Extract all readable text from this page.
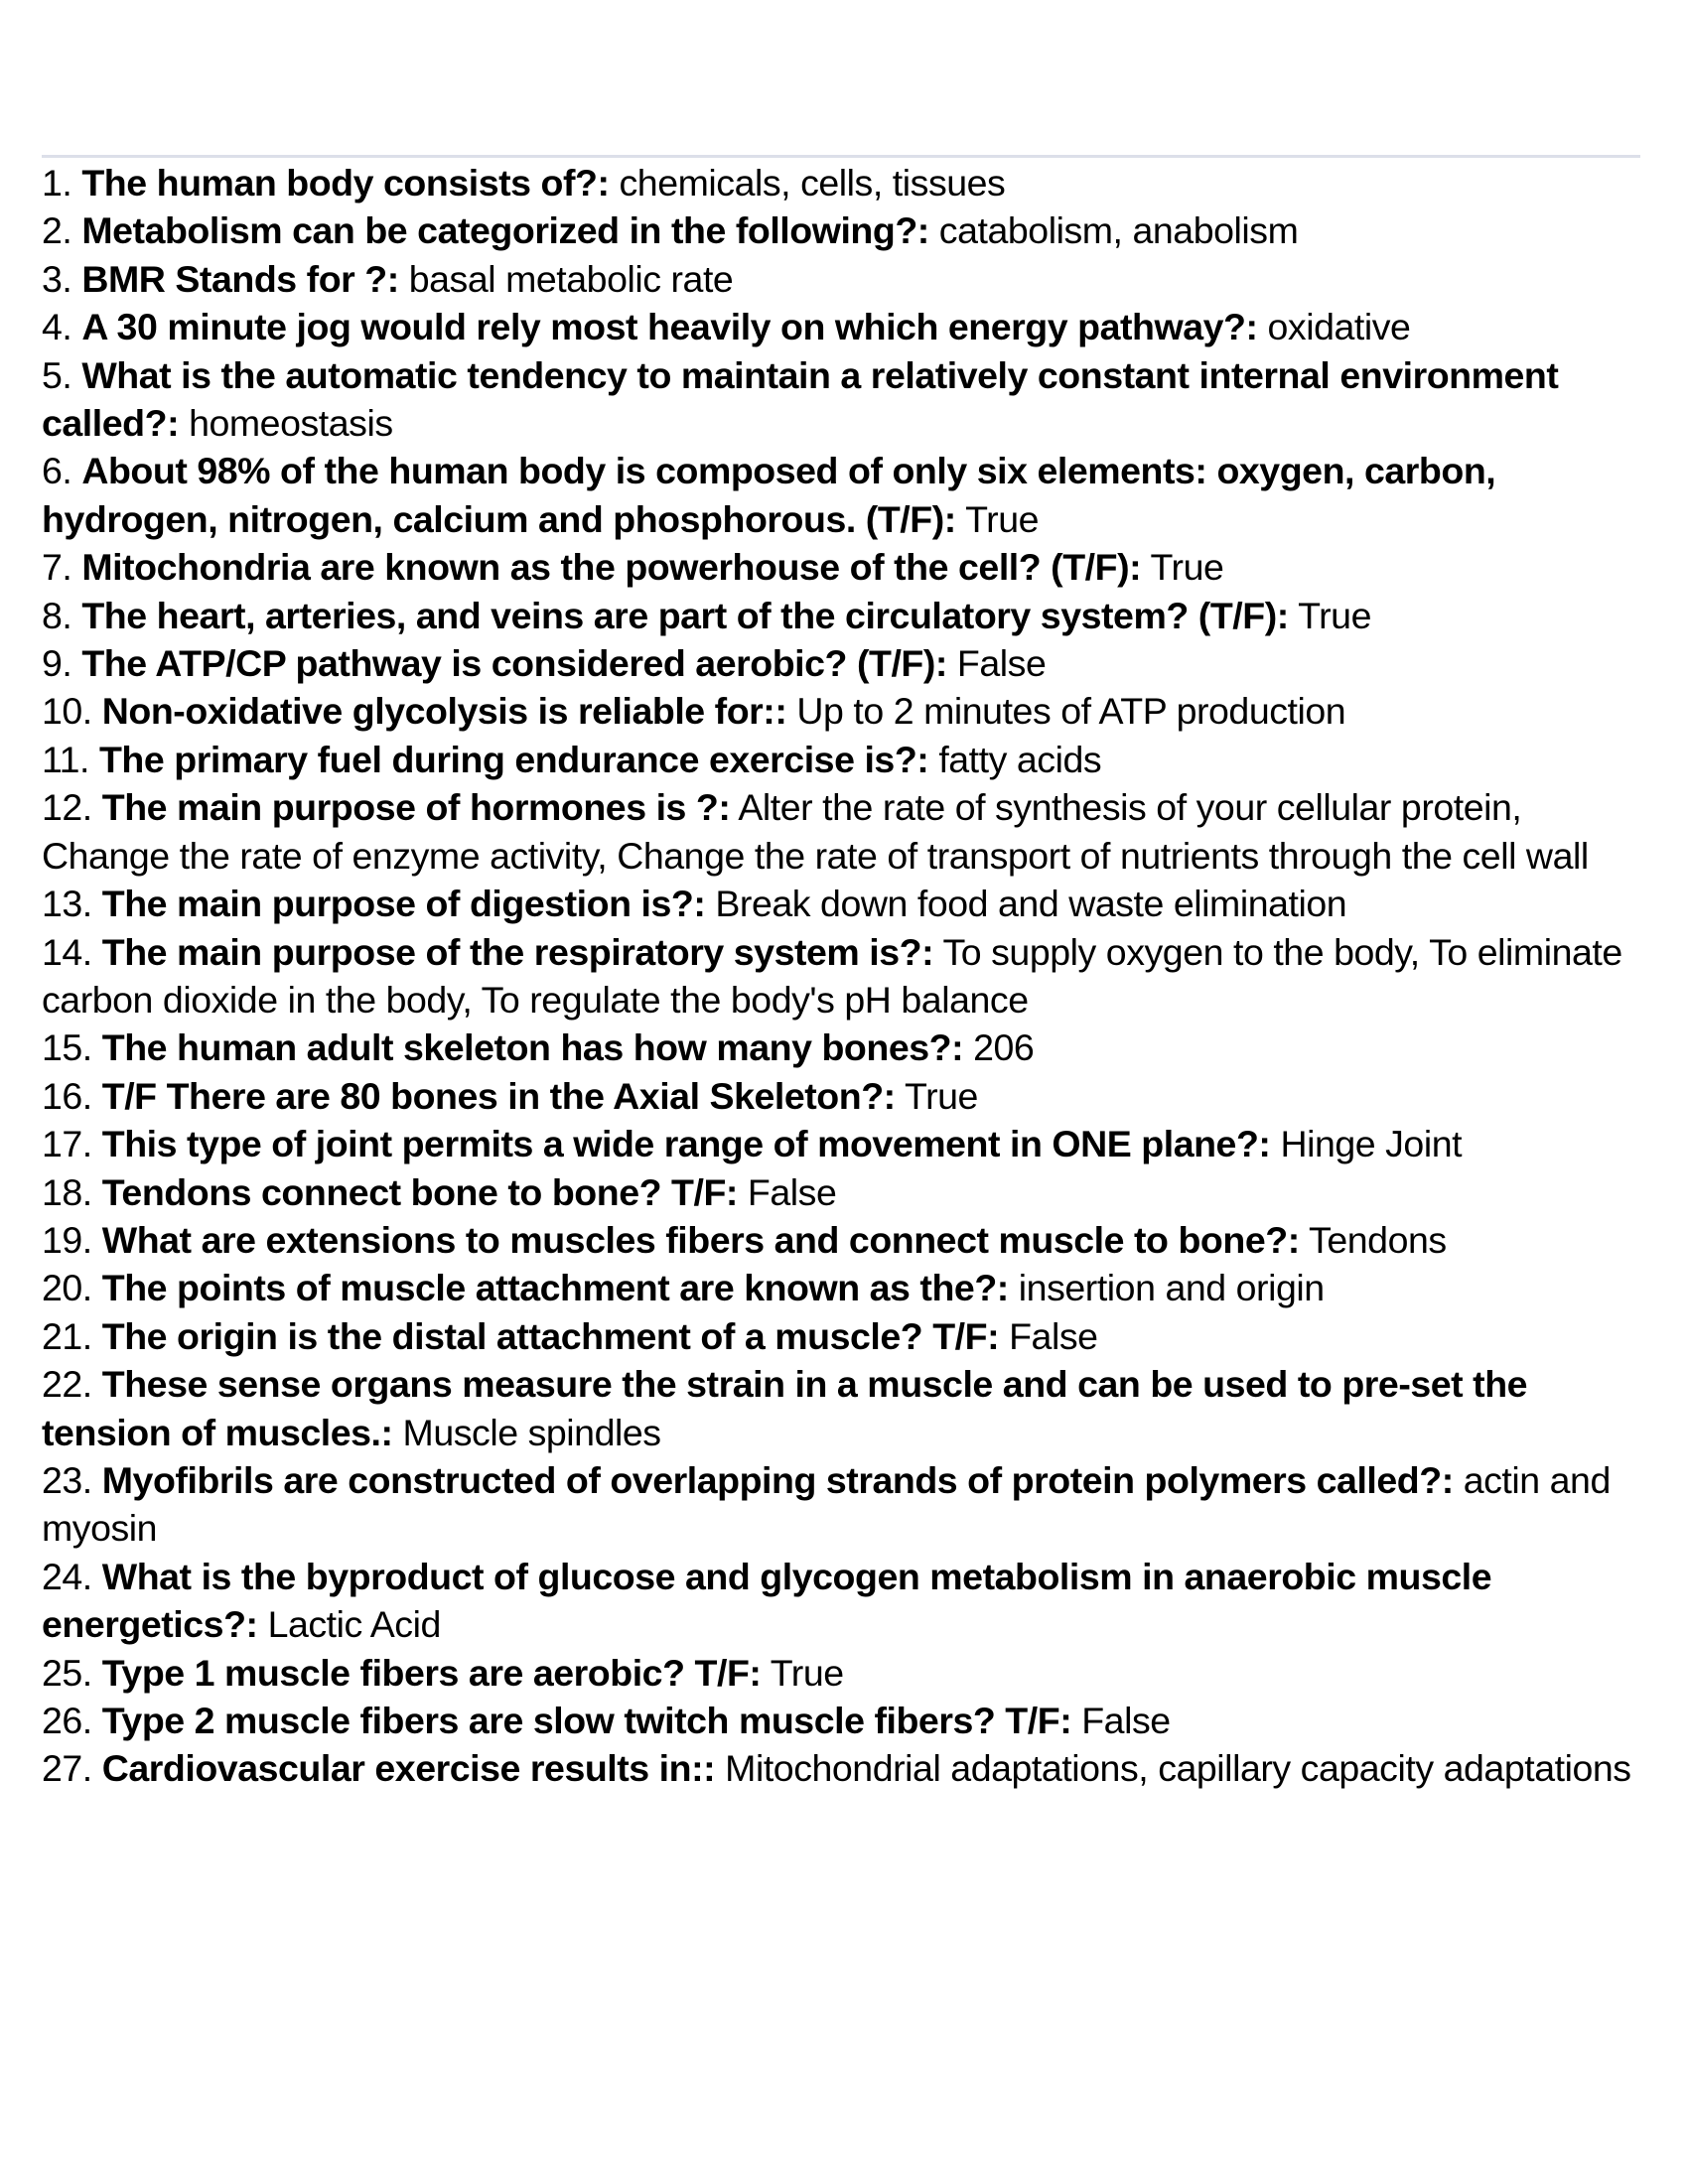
1. The human body consists of?: chemicals, cells, tissues

2. Metabolism can be categorized in the following?: catabolism, anabolism

3. BMR Stands for ?: basal metabolic rate

4. A 30 minute jog would rely most heavily on which energy pathway?: oxidative

5. What is the automatic tendency to maintain a relatively constant internal environment called?: homeostasis

6. About 98% of the human body is composed of only six elements: oxygen, carbon, hydrogen, nitrogen, calcium and phosphorous. (T/F): True

7. Mitochondria are known as the powerhouse of the cell? (T/F): True

8. The heart, arteries, and veins are part of the circulatory system? (T/F): True

9. The ATP/CP pathway is considered aerobic? (T/F): False

10. Non-oxidative glycolysis is reliable for:: Up to 2 minutes of ATP production

11. The primary fuel during endurance exercise is?: fatty acids

12. The main purpose of hormones is ?: Alter the rate of synthesis of your cellular protein, Change the rate of enzyme activity, Change the rate of transport of nutrients through the cell wall

13. The main purpose of digestion is?: Break down food and waste elimination

14. The main purpose of the respiratory system is?: To supply oxygen to the body, To eliminate carbon dioxide in the body, To regulate the body's pH balance

15. The human adult skeleton has how many bones?: 206

16. T/F There are 80 bones in the Axial Skeleton?: True

17. This type of joint permits a wide range of movement in ONE plane?: Hinge Joint

18. Tendons connect bone to bone? T/F: False

19. What are extensions to muscles fibers and connect muscle to bone?: Tendons

20. The points of muscle attachment are known as the?: insertion and origin

21. The origin is the distal attachment of a muscle? T/F: False

22. These sense organs measure the strain in a muscle and can be used to pre-set the tension of muscles.: Muscle spindles

23. Myofibrils are constructed of overlapping strands of protein polymers called?: actin and myosin

24. What is the byproduct of glucose and glycogen metabolism in anaerobic muscle energetics?: Lactic Acid

25. Type 1 muscle fibers are aerobic? T/F: True

26. Type 2 muscle fibers are slow twitch muscle fibers? T/F: False

27. Cardiovascular exercise results in:: Mitochondrial adaptations, capillary capacity adaptations
